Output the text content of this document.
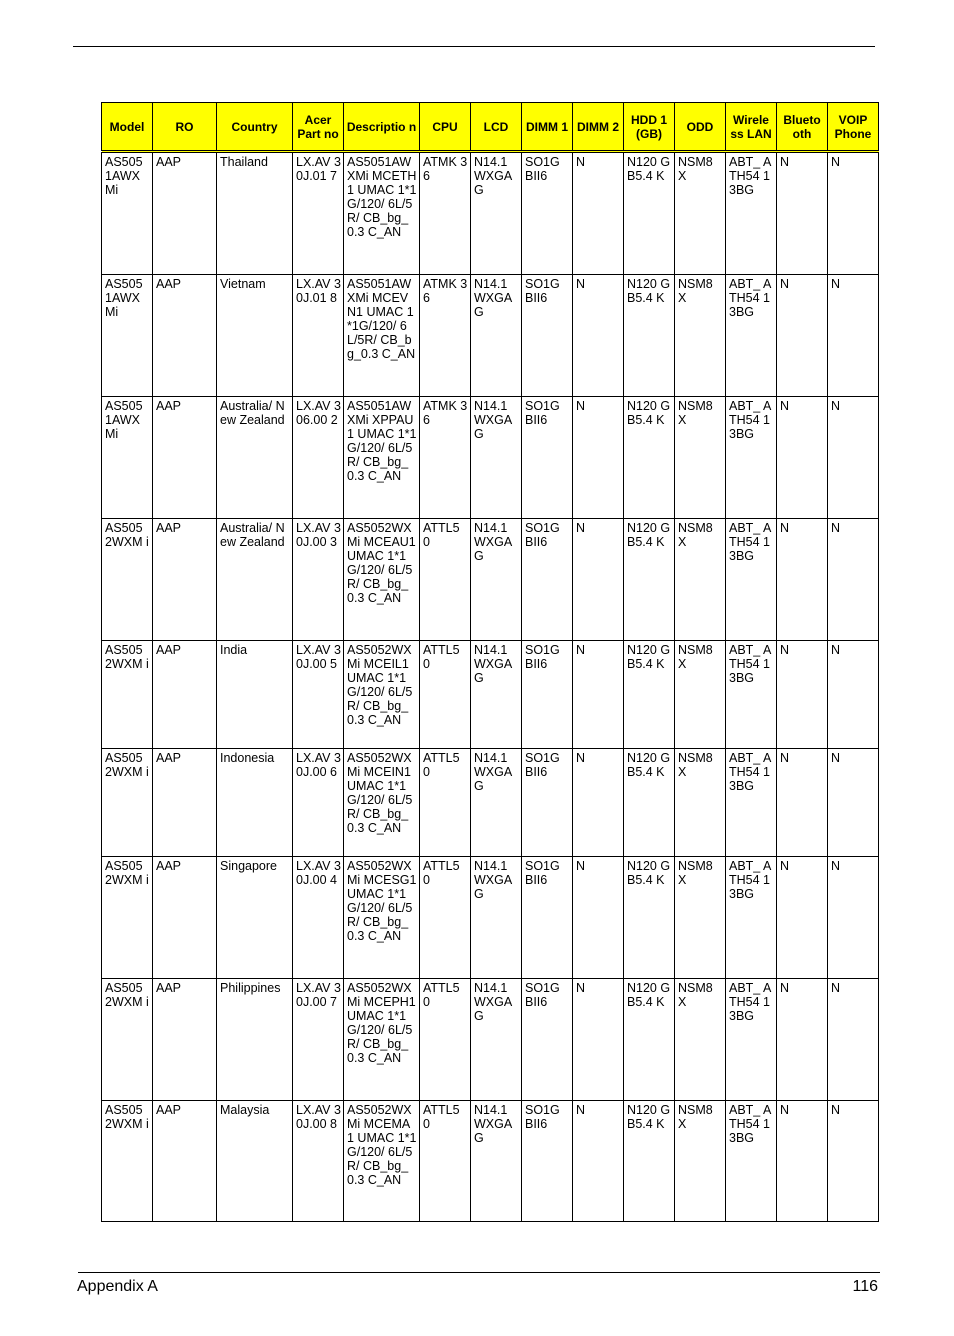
Model	RO	Country	Acer Part no	Descriptio n	CPU	LCD	DIMM 1	DIMM 2	HDD 1 (GB)	ODD	Wirele ss LAN	Blueto oth	VOIP Phone
AS505 1AWX Mi	AAP	Thailand	LX.AV 30J.01 7	AS5051AW XMi MCETH1 UMAC 1*1G/120/ 6L/5R/ CB_bg_0.3 C_AN	ATMK 36	N14.1 WXGA G	SO1G BII6	N	N120 GB5.4 K	NSM8 X	ABT_ ATH54 13BG	N	N
AS505 1AWX Mi	AAP	Vietnam	LX.AV 30J.01 8	AS5051AW XMi MCEVN1 UMAC 1*1G/120/ 6L/5R/ CB_bg_0.3 C_AN	ATMK 36	N14.1 WXGA G	SO1G BII6	N	N120 GB5.4 K	NSM8 X	ABT_ ATH54 13BG	N	N
AS505 1AWX Mi	AAP	Australia/ New Zealand	LX.AV 306.00 2	AS5051AW XMi XPPAU1 UMAC 1*1G/120/ 6L/5R/ CB_bg_0.3 C_AN	ATMK 36	N14.1 WXGA G	SO1G BII6	N	N120 GB5.4 K	NSM8 X	ABT_ ATH54 13BG	N	N
AS505 2WXM i	AAP	Australia/ New Zealand	LX.AV 30J.00 3	AS5052WX Mi MCEAU1 UMAC 1*1G/120/ 6L/5R/ CB_bg_0.3 C_AN	ATTL5 0	N14.1 WXGA G	SO1G BII6	N	N120 GB5.4 K	NSM8 X	ABT_ ATH54 13BG	N	N
AS505 2WXM i	AAP	India	LX.AV 30J.00 5	AS5052WX Mi MCEIL1 UMAC 1*1G/120/ 6L/5R/ CB_bg_0.3 C_AN	ATTL5 0	N14.1 WXGA G	SO1G BII6	N	N120 GB5.4 K	NSM8 X	ABT_ ATH54 13BG	N	N
AS505 2WXM i	AAP	Indonesia	LX.AV 30J.00 6	AS5052WX Mi MCEIN1 UMAC 1*1G/120/ 6L/5R/ CB_bg_0.3 C_AN	ATTL5 0	N14.1 WXGA G	SO1G BII6	N	N120 GB5.4 K	NSM8 X	ABT_ ATH54 13BG	N	N
AS505 2WXM i	AAP	Singapore	LX.AV 30J.00 4	AS5052WX Mi MCESG1 UMAC 1*1G/120/ 6L/5R/ CB_bg_0.3 C_AN	ATTL5 0	N14.1 WXGA G	SO1G BII6	N	N120 GB5.4 K	NSM8 X	ABT_ ATH54 13BG	N	N
AS505 2WXM i	AAP	Philippines	LX.AV 30J.00 7	AS5052WX Mi MCEPH1 UMAC 1*1G/120/ 6L/5R/ CB_bg_0.3 C_AN	ATTL5 0	N14.1 WXGA G	SO1G BII6	N	N120 GB5.4 K	NSM8 X	ABT_ ATH54 13BG	N	N
AS505 2WXM i	AAP	Malaysia	LX.AV 30J.00 8	AS5052WX Mi MCEMA1 UMAC 1*1G/120/ 6L/5R/ CB_bg_0.3 C_AN	ATTL5 0	N14.1 WXGA G	SO1G BII6	N	N120 GB5.4 K	NSM8 X	ABT_ ATH54 13BG	N	N
Appendix A	116
